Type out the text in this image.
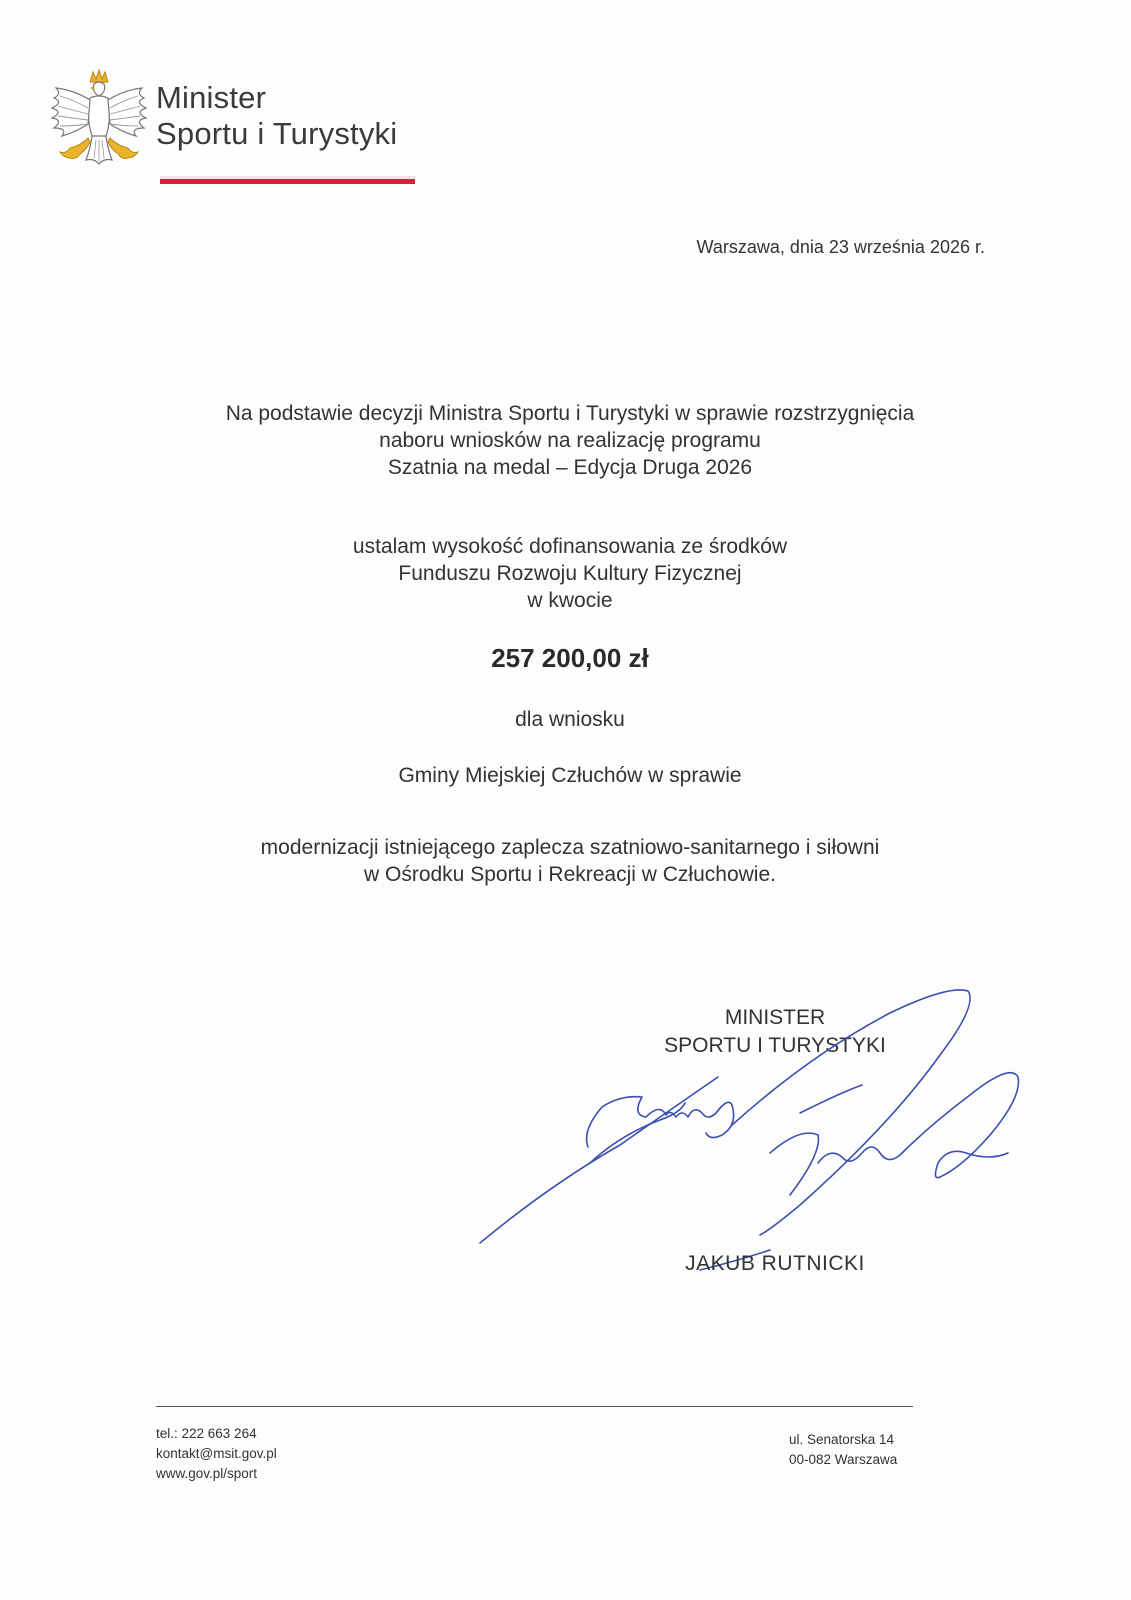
Minister
Sportu i Turystyki
Warszawa, dnia 23 września 2026 r.
Na podstawie decyzji Ministra Sportu i Turystyki w sprawie rozstrzygnięcia
naboru wniosków na realizację programu
Szatnia na medal – Edycja Druga 2026
ustalam wysokość dofinansowania ze środków
Funduszu Rozwoju Kultury Fizycznej
w kwocie
257 200,00 zł
dla wniosku
Gminy Miejskiej Człuchów w sprawie
modernizacji istniejącego zaplecza szatniowo-sanitarnego i siłowni
w Ośrodku Sportu i Rekreacji w Człuchowie.
MINISTER
SPORTU I TURYSTYKI
JAKUB RUTNICKI
tel.: 222 663 264
kontakt@msit.gov.pl
www.gov.pl/sport
ul. Senatorska 14
00-082 Warszawa
